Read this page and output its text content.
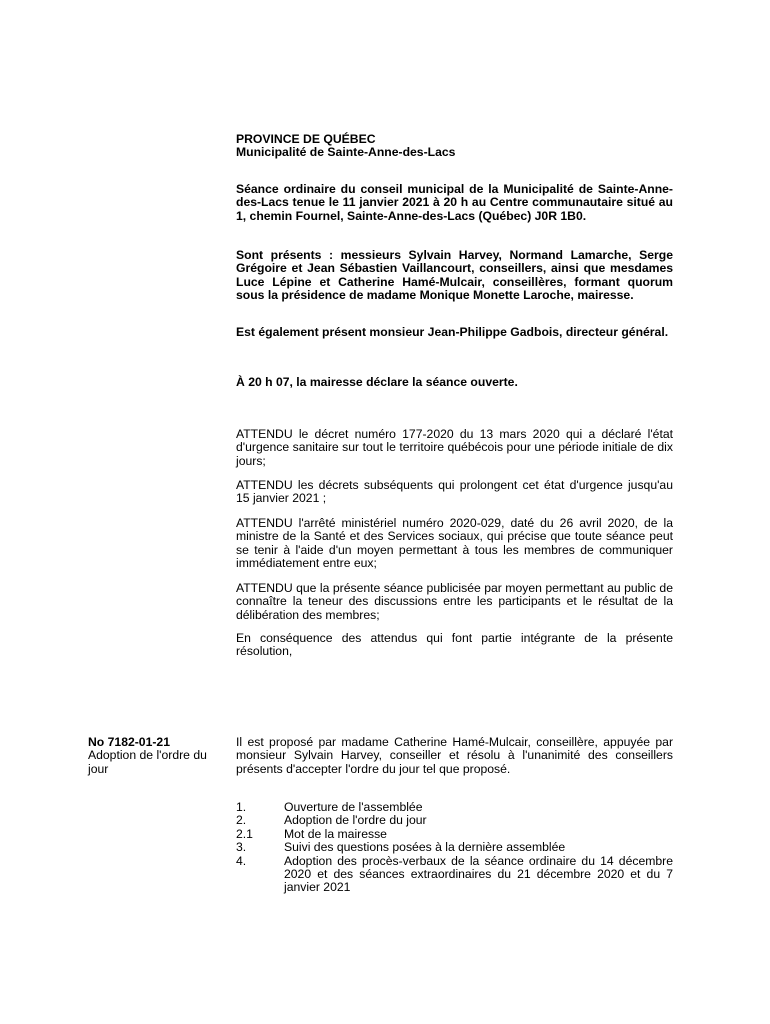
PROVINCE DE QUÉBEC

Municipalité de Sainte-Anne-des-Lacs

Séance ordinaire du conseil municipal de la Municipalité de Sainte-Anne-des-Lacs tenue le 11 janvier 2021 à 20 h au Centre communautaire situé au 1, chemin Fournel, Sainte-Anne-des-Lacs (Québec) J0R 1B0.

Sont présents : messieurs Sylvain Harvey, Normand Lamarche, Serge Grégoire et Jean Sébastien Vaillancourt, conseillers, ainsi que mesdames Luce Lépine et Catherine Hamé-Mulcair, conseillères, formant quorum sous la présidence de madame Monique Monette Laroche, mairesse.

Est également présent monsieur Jean-Philippe Gadbois, directeur général.

À 20 h 07, la mairesse déclare la séance ouverte.

ATTENDU le décret numéro 177-2020 du 13 mars 2020 qui a déclaré l'état d'urgence sanitaire sur tout le territoire québécois pour une période initiale de dix jours;

ATTENDU les décrets subséquents qui prolongent cet état d'urgence jusqu'au 15 janvier 2021 ;

ATTENDU l'arrêté ministériel numéro 2020-029, daté du 26 avril 2020, de la ministre de la Santé et des Services sociaux, qui précise que toute séance peut se tenir à l'aide d'un moyen permettant à tous les membres de communiquer immédiatement entre eux;

ATTENDU que la présente séance publicisée par moyen permettant au public de connaître la teneur des discussions entre les participants et le résultat de la délibération des membres;

En conséquence des attendus qui font partie intégrante de la présente résolution,

No 7182-01-21

Adoption de l'ordre du jour

Il est proposé par madame Catherine Hamé-Mulcair, conseillère, appuyée par monsieur Sylvain Harvey, conseiller et résolu à l'unanimité des conseillers présents d'accepter l'ordre du jour tel que proposé.

1.	Ouverture de l'assemblée
2.	Adoption de l'ordre du jour
2.1	Mot de la mairesse
3.	Suivi des questions posées à la dernière assemblée
4.	Adoption des procès-verbaux de la séance ordinaire du 14 décembre 2020 et des séances extraordinaires du 21 décembre 2020 et du 7 janvier 2021
